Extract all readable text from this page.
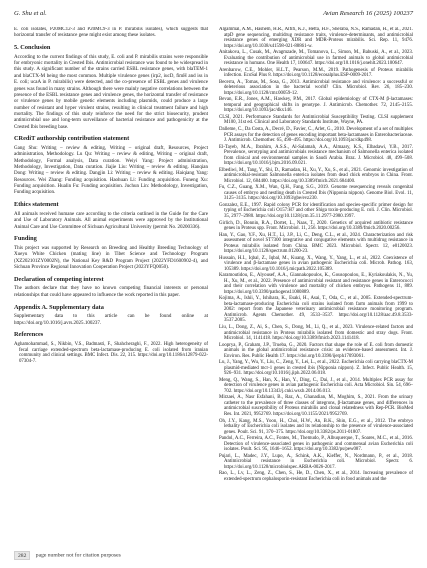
G. Shu et al.	Avian Research 16 (2025) 100237

E. coli isolates, P20MC12-3 and P20MC9-3 in P. mirabilis isolates), which suggests that horizontal transfer of resistance gene might exist among these isolates.

5. Conclusion

According to the current findings of this study, E. coli and P. mirabilis strains were responsible for embryonic mortality in Crested Ibis. Antimicrobial resistance was found to be widespread in this study. A significant number of the strains carried ESBL resistance genes, with blaTEM-1 and blaCTX-M being the most common. Multiple virulence genes (irp2, iucD, fimH and iss in E. coli; ucaA in P. mirabilis) were detected, and the co-presence of ESBL genes and virulence genes was found in many strains. Although there were mainly negative correlations between the presence of the ESBL resistance genes and virulence genes, the horizontal transfer of resistance or virulence genes by mobile genetic elements including plasmids, could produce a large number of resistant and hyper virulent strains, resulting in clinical treatment failure and high mortality. The findings of this study reinforce the need for the strict biosecurity, prudent antimicrobial use and long-term surveillance of bacterial resistance and pathogenicity at the Crested Ibis breeding base.

CRediT authorship contribution statement

Gang Shu: Writing – review & editing, Writing – original draft, Resources, Project administration, Methodology. Lu Qu: Writing – review & editing, Writing – original draft, Methodology, Formal analysis, Data curation. Weiyi Yang: Project administration, Methodology, Investigation, Data curation. Jiajie Liu: Writing – review & editing. Hanqian Dong: Writing – review & editing. Dangjin Li: Writing – review & editing. Haiqiang Yang: Resources. Wei Zhang: Funding acquisition. Haohuan Li: Funding acquisition. Funeng Xu: Funding acquisition. Hualin Fu: Funding acquisition. Juchun Lin: Methodology, Investigation, Funding acquisition.

Ethics statement

All animals received humane care according to the criteria outlined in the Guide for the Care and Use of Laboratory Animals. All animal experiments were approved by the Institutional Animal Care and Use Committee of Sichuan Agricultural University (permit No. 20200336).

Funding

This project was supported by Research on Breeding and Healthy Breeding Technology of Xueyu White Chicken (mating line) in Tibet Science and Technology Program (XZ202101ZY0002N), the National Key R&D Program Project (2022YFD1600902-4), and Sichuan Province Regional Innovation Cooperation Project (2023YFQ0050).

Declaration of competing interest

The authors declare that they have no known competing financial interests or personal relationships that could have appeared to influence the work reported in this paper.

Appendix A. Supplementary data

Supplementary data to this article can be found online at https://doi.org/10.1016/j.avrs.2025.100237.

References
Aghamohammad, S., Nikbin, V.S., Badmasti, F., Shahcheraghi, F., 2022. High heterogeneity of fecal carriage extended-spectrum beta-lactamase-producing E. coli isolated from iranian community and clinical settings. BMC Infect. Dis. 22, 315. https://doi.org/10.1186/s12879-022-07304-7.
Algammal, A.M., Hashem, H.R., Alfifi, K.J., Hetta, H.F., Sheraba, N.S., Ramadan, H., et al., 2021. atpD gene sequencing, multidrug resistance traits, virulence-determinants, and antimicrobial resistance genes of emerging XDR and MDR-Proteus mirabilis. Sci. Rep. 11, 9476. https://doi.org/10.1038/s41598-021-88861-w.
Anitakova, L., Cusak, M., Avagmzade, M., Tomanova, L., Simon, M., Babuski, A., et al., 2023. Evaluating the contribution of antimicrobial use in farmed animals to global antimicrobial resistance in humans. One Health 17, 100647. https://doi.org/10.1016/j.onehlt.2023.100647.
Arenbarow, C.E., Mohler, H.L.T., Pearson, M.M., 2019. Pathogenesis of Proteus mirabilis infection. EcoSal Plus 8. https://doi.org/10.1128/ecosalplus.ESP-0009-2017.
Becerra, A., Tomas, M., Sosa, G., 2013. Antimicrobial resistance and virulence: a successful or deleterious association in the bacterial world? Clin. Microbiol. Rev. 26, 185–230. https://doi.org/10.1128/cmr.00059-12.
Bevan, E.R., Jones, A.M., Hawkey, P.M., 2017. Global epidemiology of CTX-M β-lactamases: temporal and geographical shifts in genotype. J. Antimicrob. Chemother. 72, 2145–2155. https://doi.org/10.1093/jac/dkx146.
CLSI, 2021. Performance Standards for Antimicrobial Susceptibility Testing. CLSI supplement M100, 31st ed. Clinical and Laboratory Standards Institute, Wayne, PA.
Dalleme, C., Da Costa, A., Decré, D., Favier, C., Arlet, G., 2010. Development of a set of multiplex PCR assays for the detection of genes encoding important beta-lactamases in Enterobacteriaceae. J. Antimicrob. Chemother. 65, 490–495. https://doi.org/10.1093/jac/dkp498.
El-Tayeb, M.A., Ibrahim, A.S.S., Al-Salamah, A.A., Almaary, K.S., Elbadawi, Y.B., 2017. Prevalence, serotyping and antimicrobials resistance mechanism of Salmonella enterica isolated from clinical and environmental samples in Saudi Arabia. Braz. J. Microbiol. 48, 499–508. https://doi.org/10.1016/j.bjm.2016.09.021.
Elbediwi, M., Tang, Y., Shi, D., Ramadan, H., Xu, Y., Xu, S., et al., 2021. Genomic investigation of antimicrobial-resistant Salmonella enterica isolates from dead chick embryos in China. Front. Microbiol. 12, 684400. https://doi.org/10.3389/fmicb.2021.684400.
Fu, C.Z., Guang, X.M., Wan, Q.H., Fang, S.G., 2019. Genome resequencing reveals congenital causes of embryo and nestling death in Crested Ibis (Nipponia nippon). Genome Biol. Evol. 11, 3125–3135. https://doi.org/10.1093/gbe/evz230.
Gonzalez, E.E., 1997. Rapid colony PCR for identification and species-specific primer design for typing of Escherichia coli O157:H7 and other Shiga toxin-producing E. coli. J. Clin. Microbiol. 35, 2977–2980. https://doi.org/10.1128/jcm.35.11.2977-2980.1997.
Girlich, D., Bonnin, R.A., Dortet, L., Naas, T., 2020. Genetics of acquired antibiotic resistance genes in Proteus spp. Front. Microbiol. 11, 256. https://doi.org/10.3389/fmicb.2020.00256.
Han, Y., Gao, Y.F., Xu, H.T., Li, J.P., Li, C., Deng, C.L., et al., 2024. Characterization and risk assessment of novel ST7300 integrative and conjugative elements with multidrug resistance in Proteus mirabilis isolated from China. BMC 2023. Microbiol. Spectr. 12, e0120023. https://doi.org/10.1128/spectrum.01200-23.
Hussain, H.I., Iqbal, Z., Iqbal, M., Kuang, X., Wang, Y., Yang, L., et al., 2022. Coexistence of virulence and β-lactamase genes in avian pathogenic Escherichia coli. Microb. Pathog. 163, 105389. https://doi.org/10.1016/j.micpath.2022.105389.
Karamoutidou, E., Alyousef, A.A., Giannakopoulos, K., Gousopoulou, E., Kyriakoulakis, N., Yu, H., Xu, M., et al., 2022. Presence of antimicrobial resistant and resistance genes in Enterococci and their correlation with virulence and mortality of chicken embryos. Pathogens 11, 889. https://doi.org/10.3390/pathogens11080889.
Kojima, A., Ishii, Y., Ishihara, K., Esaki, H., Asai, T., Oda, C., et al., 2005. Extended-spectrum-beta-lactamase-producing Escherichia coli strains isolated from farm animals from 1999 to 2002: report from the Japanese veterinary antimicrobial resistance monitoring program. Antimicrob. Agents Chemother. 49, 3533–3537. https://doi.org/10.1128/aac.49.8.3533-3537.2005.
Liu, L., Dong, Z., Ai, S., Chen, S., Dong, M., Li, Q., et al., 2023. Virulence-related factors and antimicrobial resistance in Proteus mirabilis isolated from domestic and stray dogs. Front. Microbiol. 14, 1141418. https://doi.org/10.3389/fmicb.2023.1141418.
Looprya, P., Graham, J.P., Trueba, G., 2020. Factors that shape the role of E. coli from domestic animals in the global antimicrobial resistance crisis: an evidence-based assessment. Int. J. Environ. Res. Public Health 17. https://doi.org/10.3390/ijerph17093061.
Lu, J., Yang, Y., Wu, Y., Liu, C., Zeng, Y., Lei, L., et al., 2022. Escherichia coli carrying blaCTX-M plasmid-mediated mcr-1 genes in crested ibis (Nipponia nippon). Z. Infect. Public Health. 15, 926–931. https://doi.org/10.1016/j.jiph.2022.06.018.
Meng, Q., Wang, S., Han, X., Han, Y., Ding, C., Dai, J., et al., 2014. Multiplex PCR assay for detection of virulence genes in avian pathogenic Escherichia coli. Acta Microbiol. Sin. 54, 696–702. https://doi.org/10.13343/j.cnki.wsxb.2014.06.013.
Mirzaei, A., Nasr Esfahani, B., Raz, A., Ghanadian, M., Moghim, S., 2021. From the urinary catheter to the prevalence of three classes of integrons, β-lactamase genes, and differences in antimicrobial susceptibility of Proteus mirabilis and clonal relatedness with Rep-PCR. BioMed Res. Int. 2021, 9952769. https://doi.org/10.1155/2021/9952769.
Oh, J.Y., Kang, M.S., Yoon, H., Choi, H.W., An, B.K., Shin, E.G., et al., 2012. The embryo lethality of Escherichia coli isolates and its relationship to the presence of virulence-associated genes. Poult. Sci. 91, 370–375. https://doi.org/10.3382/ps.2011-01807.
Pandol, A.C., Ferreira, A.C., Fontes, M., Themudo, P., Albuquerque, T., Soares, M.C., et al., 2016. Detection of virulence-associated genes in pathogenic and commensal avian Escherichia coli isolates. Poult. Sci. 95, 1646–1652. https://doi.org/10.3382/ps/pew087.
Pujari, L., Madec, J.Y., Lupo, A., Schink, A.K., Kieffer, N., Nordmann, P., et al., 2018. Antimicrobial resistance in Escherichia coli. Microbiol. Spectr. 6. https://doi.org/10.1128/microbiolspec.ARBA-0026-2017.
Rao, L., Lv, L., Zeng, Z., Chen, S., He, D., Chen, X., et al., 2014. Increasing prevalence of extended-spectrum cephalosporin-resistant Escherichia coli in food animals and the
282 page number not for citation purposes
